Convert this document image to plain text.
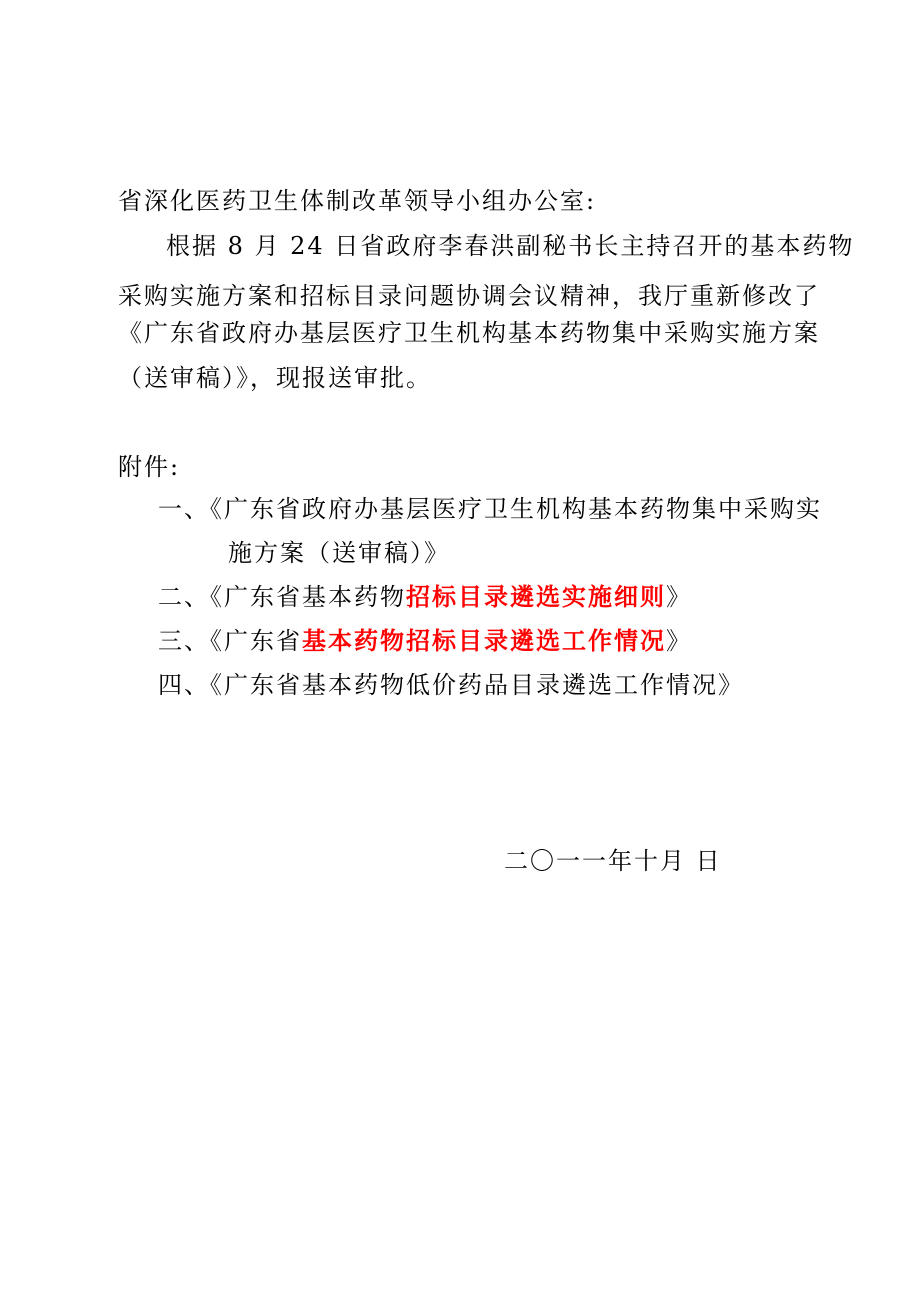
省深化医药卫生体制改革领导小组办公室:
根据 8 月 24 日省政府李春洪副秘书长主持召开的基本药物
采购实施方案和招标目录问题协调会议精神，我厅重新修改了
《广东省政府办基层医疗卫生机构基本药物集中采购实施方案
（送审稿）》，现报送审批。
附件:
一、《广东省政府办基层医疗卫生机构基本药物集中采购实
施方案（送审稿）》
二、《广东省基本药物招标目录遴选实施细则》
三、《广东省基本药物招标目录遴选工作情况》
四、《广东省基本药物低价药品目录遴选工作情况》
二〇一一年十月 日
